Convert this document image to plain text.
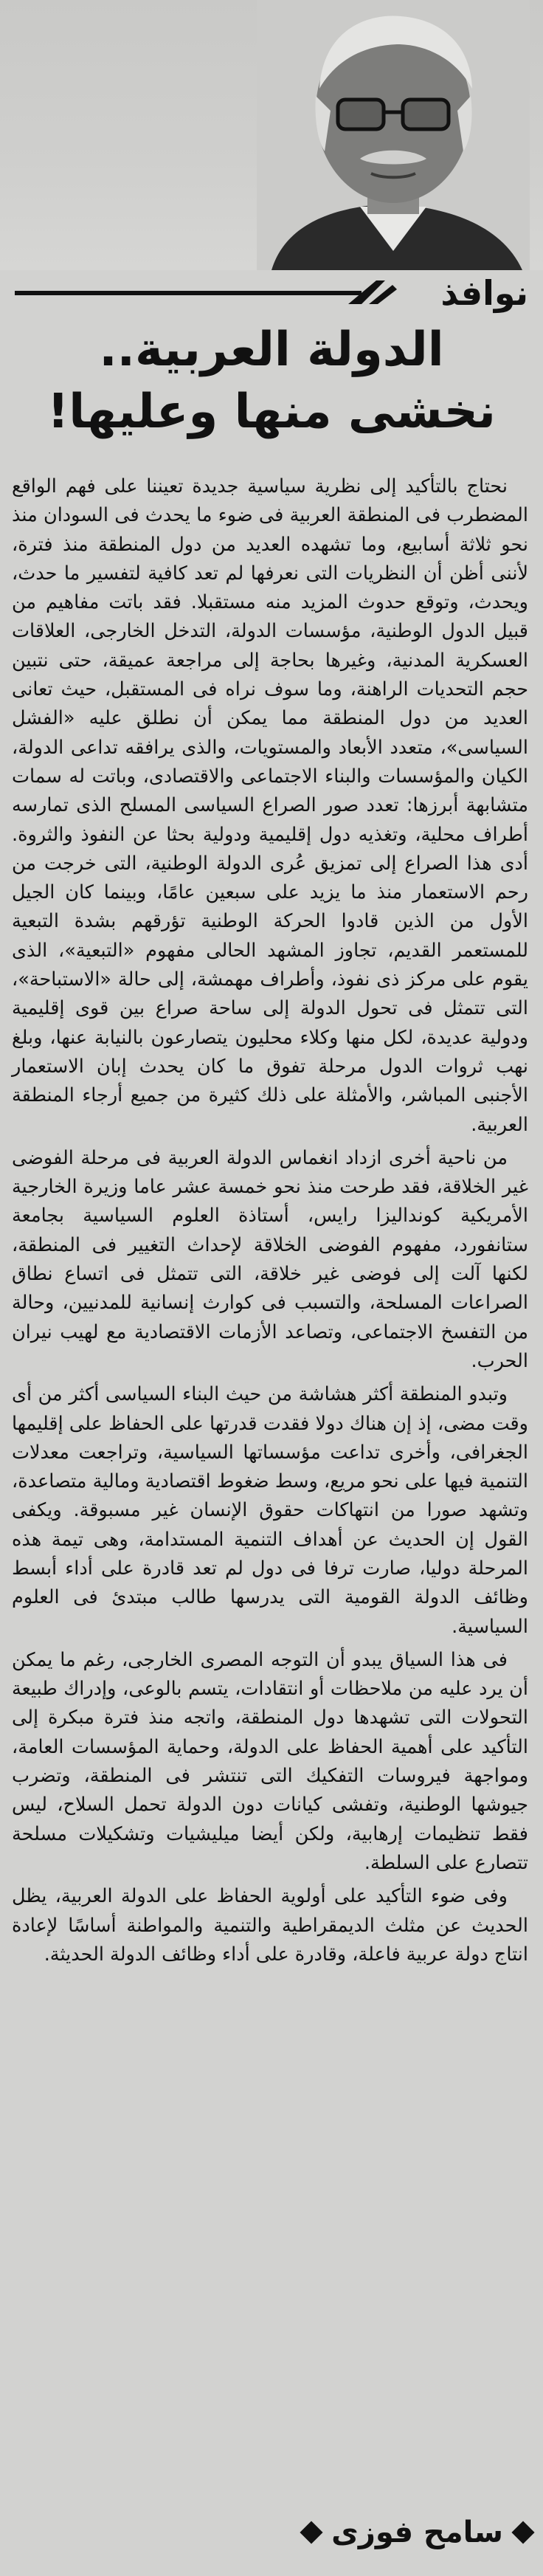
نوافذ
الدولة العربية..
نخشى منها وعليها!

نحتاج بالتأكيد إلى نظرية سياسية جديدة تعيننا على فهم الواقع المضطرب فى المنطقة العربية فى ضوء ما يحدث فى السودان منذ نحو ثلاثة أسابيع، وما تشهده العديد من دول المنطقة منذ فترة، لأننى أظن أن النظريات التى نعرفها لم تعد كافية لتفسير ما حدث، ويحدث، وتوقع حدوث المزيد منه مستقبلا. فقد باتت مفاهيم من قبيل الدول الوطنية، مؤسسات الدولة، التدخل الخارجى، العلاقات العسكرية المدنية، وغيرها بحاجة إلى مراجعة عميقة، حتى نتبين حجم التحديات الراهنة، وما سوف نراه فى المستقبل، حيث تعانى العديد من دول المنطقة مما يمكن أن نطلق عليه «الفشل السياسى»، متعدد الأبعاد والمستويات، والذى يرافقه تداعى الدولة، الكيان والمؤسسات والبناء الاجتماعى والاقتصادى، وباتت له سمات متشابهة أبرزها: تعدد صور الصراع السياسى المسلح الذى تمارسه أطراف محلية، وتغذيه دول إقليمية ودولية بحثا عن النفوذ والثروة. أدى هذا الصراع إلى تمزيق عُرى الدولة الوطنية، التى خرجت من رحم الاستعمار منذ ما يزيد على سبعين عامًا، وبينما كان الجيل الأول من الذين قادوا الحركة الوطنية تؤرقهم بشدة التبعية للمستعمر القديم، تجاوز المشهد الحالى مفهوم «التبعية»، الذى يقوم على مركز ذى نفوذ، وأطراف مهمشة، إلى حالة «الاستباحة»، التى تتمثل فى تحول الدولة إلى ساحة صراع بين قوى إقليمية ودولية عديدة، لكل منها وكلاء محليون يتصارعون بالنيابة عنها، وبلغ نهب ثروات الدول مرحلة تفوق ما كان يحدث إبان الاستعمار الأجنبى المباشر، والأمثلة على ذلك كثيرة من جميع أرجاء المنطقة العربية.

من ناحية أخرى ازداد انغماس الدولة العربية فى مرحلة الفوضى غير الخلاقة، فقد طرحت منذ نحو خمسة عشر عاما وزيرة الخارجية الأمريكية كونداليزا رايس، أستاذة العلوم السياسية بجامعة ستانفورد، مفهوم الفوضى الخلاقة لإحداث التغيير فى المنطقة، لكنها آلت إلى فوضى غير خلاقة، التى تتمثل فى اتساع نطاق الصراعات المسلحة، والتسبب فى كوارث إنسانية للمدنيين، وحالة من التفسخ الاجتماعى، وتصاعد الأزمات الاقتصادية مع لهيب نيران الحرب.

وتبدو المنطقة أكثر هشاشة من حيث البناء السياسى أكثر من أى وقت مضى، إذ إن هناك دولا فقدت قدرتها على الحفاظ على إقليمها الجغرافى، وأخرى تداعت مؤسساتها السياسية، وتراجعت معدلات التنمية فيها على نحو مريع، وسط ضغوط اقتصادية ومالية متصاعدة، وتشهد صورا من انتهاكات حقوق الإنسان غير مسبوقة. ويكفى القول إن الحديث عن أهداف التنمية المستدامة، وهى تيمة هذه المرحلة دوليا، صارت ترفا فى دول لم تعد قادرة على أداء أبسط وظائف الدولة القومية التى يدرسها طالب مبتدئ فى العلوم السياسية.

فى هذا السياق يبدو أن التوجه المصرى الخارجى، رغم ما يمكن أن يرد عليه من ملاحظات أو انتقادات، يتسم بالوعى، وإدراك طبيعة التحولات التى تشهدها دول المنطقة، واتجه منذ فترة مبكرة إلى التأكيد على أهمية الحفاظ على الدولة، وحماية المؤسسات العامة، ومواجهة فيروسات التفكيك التى تنتشر فى المنطقة، وتضرب جيوشها الوطنية، وتفشى كيانات دون الدولة تحمل السلاح، ليس فقط تنظيمات إرهابية، ولكن أيضا ميليشيات وتشكيلات مسلحة تتصارع على السلطة.

وفى ضوء التأكيد على أولوية الحفاظ على الدولة العربية، يظل الحديث عن مثلث الديمقراطية والتنمية والمواطنة أساسًا لإعادة انتاج دولة عربية فاعلة، وقادرة على أداء وظائف الدولة الحديثة.

سامح فوزى
